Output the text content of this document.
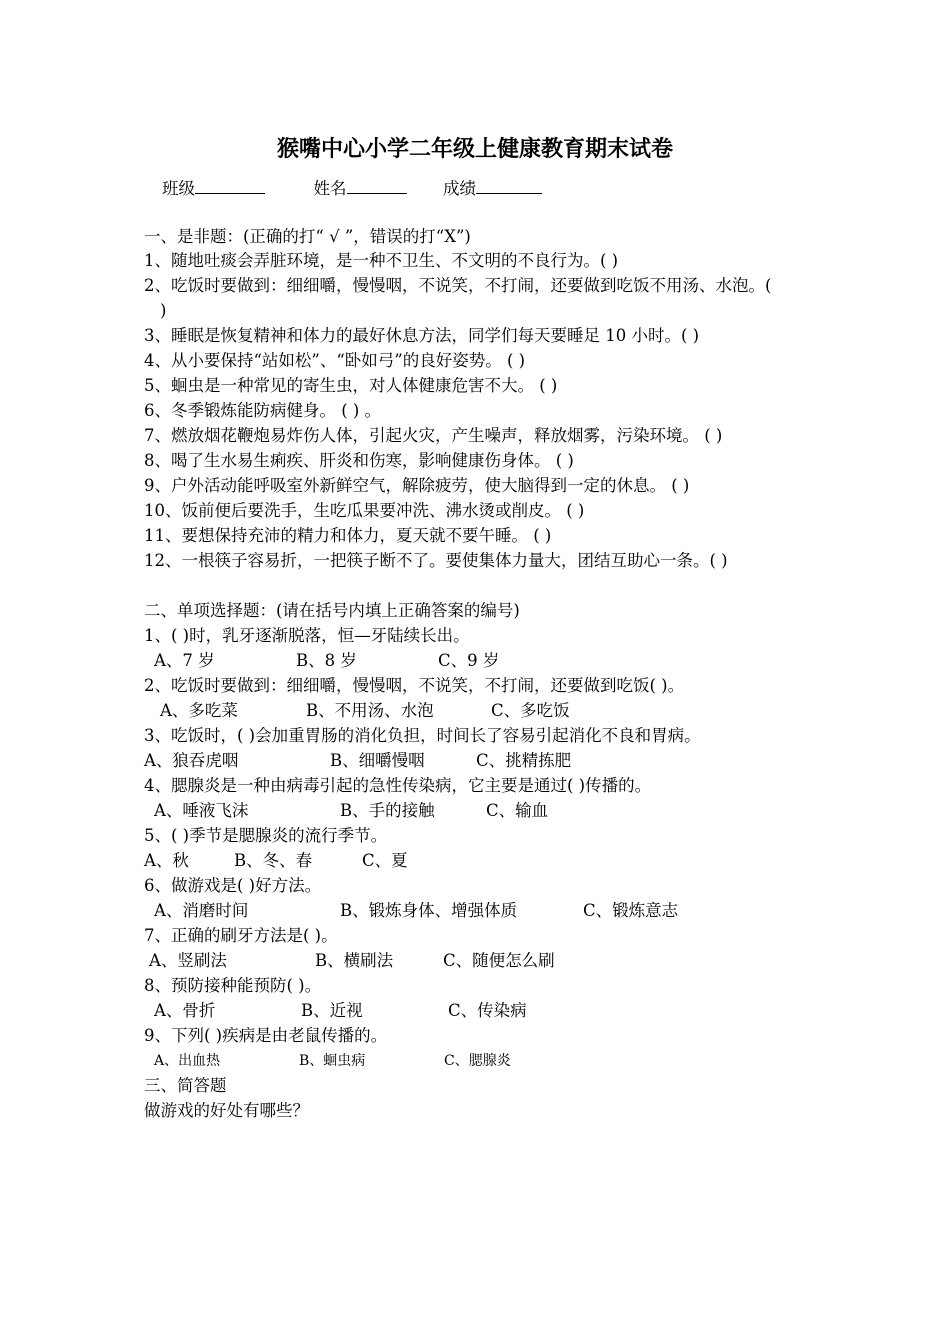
猴嘴中心小学二年级上健康教育期末试卷
班级	姓名	成绩
一、是非题：(正确的打“ √ ”，错误的打“X”)
1、随地吐痰会弄脏环境，是一种不卫生、不文明的不良行为。( )
2、吃饭时要做到：细细嚼，慢慢咽，不说笑，不打闹，还要做到吃饭不用汤、水泡。(
)
3、睡眠是恢复精神和体力的最好休息方法，同学们每天要睡足 10 小时。( )
4、从小要保持“站如松”、“卧如弓”的良好姿势。 ( )
5、蛔虫是一种常见的寄生虫，对人体健康危害不大。 ( )
6、冬季锻炼能防病健身。 ( ) 。
7、燃放烟花鞭炮易炸伤人体，引起火灾，产生噪声，释放烟雾，污染环境。 ( )
8、喝了生水易生痢疾、肝炎和伤寒，影响健康伤身体。 ( )
9、户外活动能呼吸室外新鲜空气，解除疲劳，使大脑得到一定的休息。 ( )
10、饭前便后要洗手，生吃瓜果要冲洗、沸水烫或削皮。 ( )
11、要想保持充沛的精力和体力，夏天就不要午睡。 ( )
12、一根筷子容易折，一把筷子断不了。要使集体力量大，团结互助心一条。( )
二、单项选择题：(请在括号内填上正确答案的编号)
1、( )时，乳牙逐渐脱落，恒—牙陆续长出。
A、7 岁	B、8 岁	C、9 岁
2、吃饭时要做到：细细嚼，慢慢咽，不说笑，不打闹，还要做到吃饭( )。
A、多吃菜	B、不用汤、水泡	C、多吃饭
3、吃饭时，( )会加重胃肠的消化负担，时间长了容易引起消化不良和胃病。
A、狼吞虎咽	B、细嚼慢咽	C、挑精拣肥
4、腮腺炎是一种由病毒引起的急性传染病，它主要是通过( )传播的。
A、唾液飞沫	B、手的接触	C、输血
5、( )季节是腮腺炎的流行季节。
A、秋	B、冬、春	C、夏
6、做游戏是( )好方法。
A、消磨时间	B、锻炼身体、增强体质	C、锻炼意志
7、正确的刷牙方法是( )。
A、竖刷法	B、横刷法	C、随便怎么刷
8、预防接种能预防( )。
A、骨折	B、近视	C、传染病
9、下列( )疾病是由老鼠传播的。
A、出血热	B、蛔虫病	C、腮腺炎
三、简答题
做游戏的好处有哪些？
